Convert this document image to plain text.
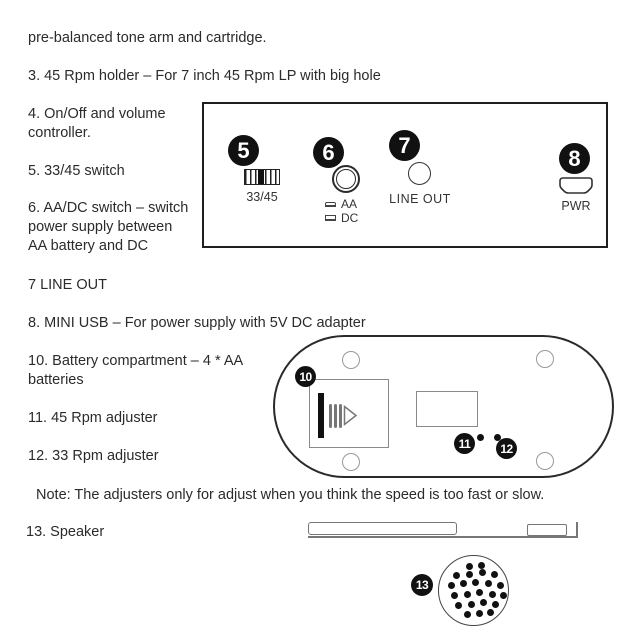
pre-balanced tone arm and cartridge.
3. 45 Rpm holder – For 7 inch 45 Rpm LP with big hole
4. On/Off and volume controller.
5. 33/45 switch
6. AA/DC switch – switch power supply between AA battery and DC
7 LINE OUT
8. MINI USB – For power supply with 5V DC adapter
10. Battery compartment – 4 * AA batteries
11. 45 Rpm adjuster
12. 33 Rpm adjuster
Note: The adjusters only for adjust when you think the speed is too fast or slow.
13. Speaker
5
33/45
6
AA
DC
7
LINE OUT
8
PWR
10
11	12
13
